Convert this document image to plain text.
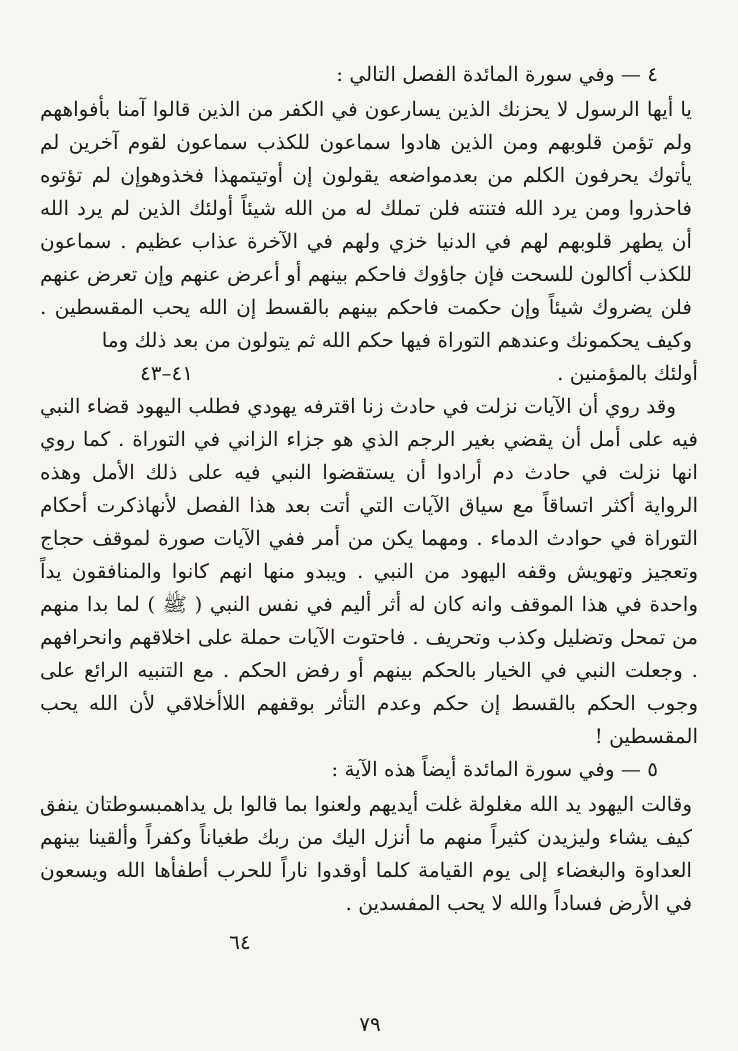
٤ — وفي سورة المائدة الفصل التالي :

يا أيها الرسول لا يحزنك الذين يسارعون في الكفر من الذين قالوا آمنا بأفواههم ولم تؤمن قلوبهم ومن الذين هادوا سماعون للكذب سماعون لقوم آخرين لم يأتوك يحرفون الكلم من بعدمواضعه يقولون إن أوتيتمهذا فخذوهوإن لم تؤتوه فاحذروا ومن يرد الله فتنته فلن تملك له من الله شيئاً أولئك الذين لم يرد الله أن يطهر قلوبهم لهم في الدنيا خزي ولهم في الآخرة عذاب عظيم . سماعون للكذب أكالون للسحت فإن جاؤوك فاحكم بينهم أو أعرض عنهم وإن تعرض عنهم فلن يضروك شيئاً وإن حكمت فاحكم بينهم بالقسط إن الله يحب المقسطين . وكيف يحكمونك وعندهم التوراة فيها حكم الله ثم يتولون من بعد ذلك وما

أولئك بالمؤمنين .
٤١–٤٣

وقد روي أن الآيات نزلت في حادث زنا اقترفه يهودي فطلب اليهود قضاء النبي فيه على أمل أن يقضي بغير الرجم الذي هو جزاء الزاني في التوراة . كما روي انها نزلت في حادث دم أرادوا أن يستقضوا النبي فيه على ذلك الأمل وهذه الرواية أكثر اتساقاً مع سياق الآيات التي أتت بعد هذا الفصل لأنهاذكرت أحكام التوراة في حوادث الدماء . ومهما يكن من أمر ففي الآيات صورة لموقف حجاج وتعجيز وتهويش وقفه اليهود من النبي . ويبدو منها انهم كانوا والمنافقون يداً واحدة في هذا الموقف وانه كان له أثر أليم في نفس النبي ( ﷺ ) لما بدا منهم من تمحل وتضليل وكذب وتحريف . فاحتوت الآيات حملة على اخلاقهم وانحرافهم . وجعلت النبي في الخيار بالحكم بينهم أو رفض الحكم . مع التنبيه الرائع على وجوب الحكم بالقسط إن حكم وعدم التأثر بوقفهم اللاأخلاقي لأن الله يحب المقسطين !

٥ — وفي سورة المائدة أيضاً هذه الآية :

وقالت اليهود يد الله مغلولة غلت أيديهم ولعنوا بما قالوا بل يداهمبسوطتان ينفق كيف يشاء وليزيدن كثيراً منهم ما أنزل اليك من ربك طغياناً وكفراً وألقينا بينهم العداوة والبغضاء إلى يوم القيامة كلما أوقدوا ناراً للحرب أطفأها الله ويسعون في الأرض فساداً والله لا يحب المفسدين .

٦٤
٧٩
